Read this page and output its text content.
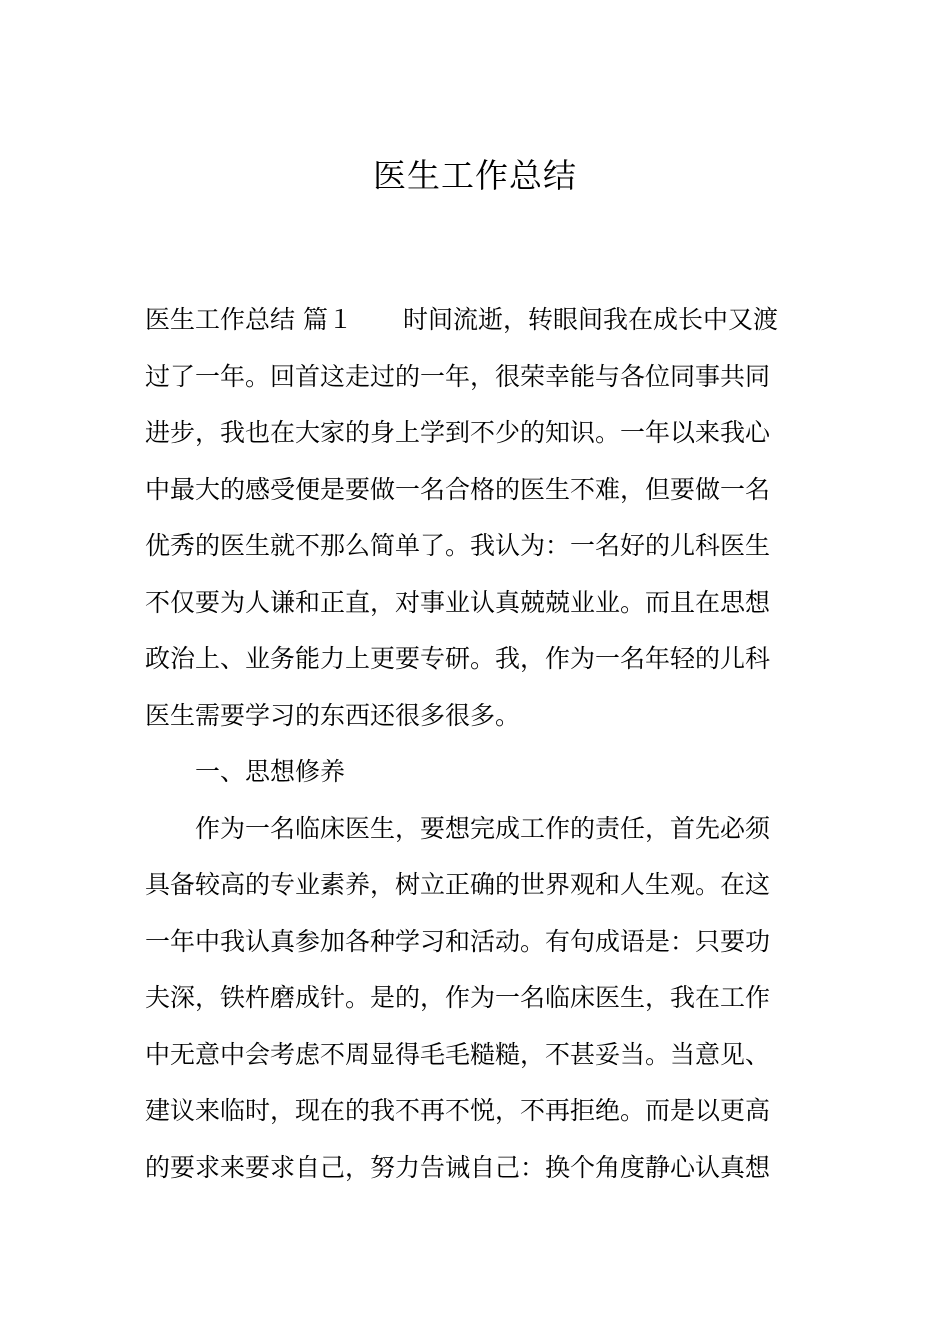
医生工作总结

医生工作总结 篇１ 时间流逝，转眼间我在成长中又渡过了一年。回首这走过的一年，很荣幸能与各位同事共同进步，我也在大家的身上学到不少的知识。一年以来我心中最大的感受便是要做一名合格的医生不难，但要做一名优秀的医生就不那么简单了。我认为：一名好的儿科医生不仅要为人谦和正直，对事业认真兢兢业业。而且在思想政治上、业务能力上更要专研。我，作为一名年轻的儿科医生需要学习的东西还很多很多。

一、思想修养

作为一名临床医生，要想完成工作的责任，首先必须具备较高的专业素养，树立正确的世界观和人生观。在这一年中我认真参加各种学习和活动。有句成语是：只要功夫深，铁杵磨成针。是的，作为一名临床医生，我在工作中无意中会考虑不周显得毛毛糙糙，不甚妥当。当意见、建议来临时，现在的我不再不悦，不再拒绝。而是以更高的要求来要求自己，努力告诫自己：换个角度静心认真想
